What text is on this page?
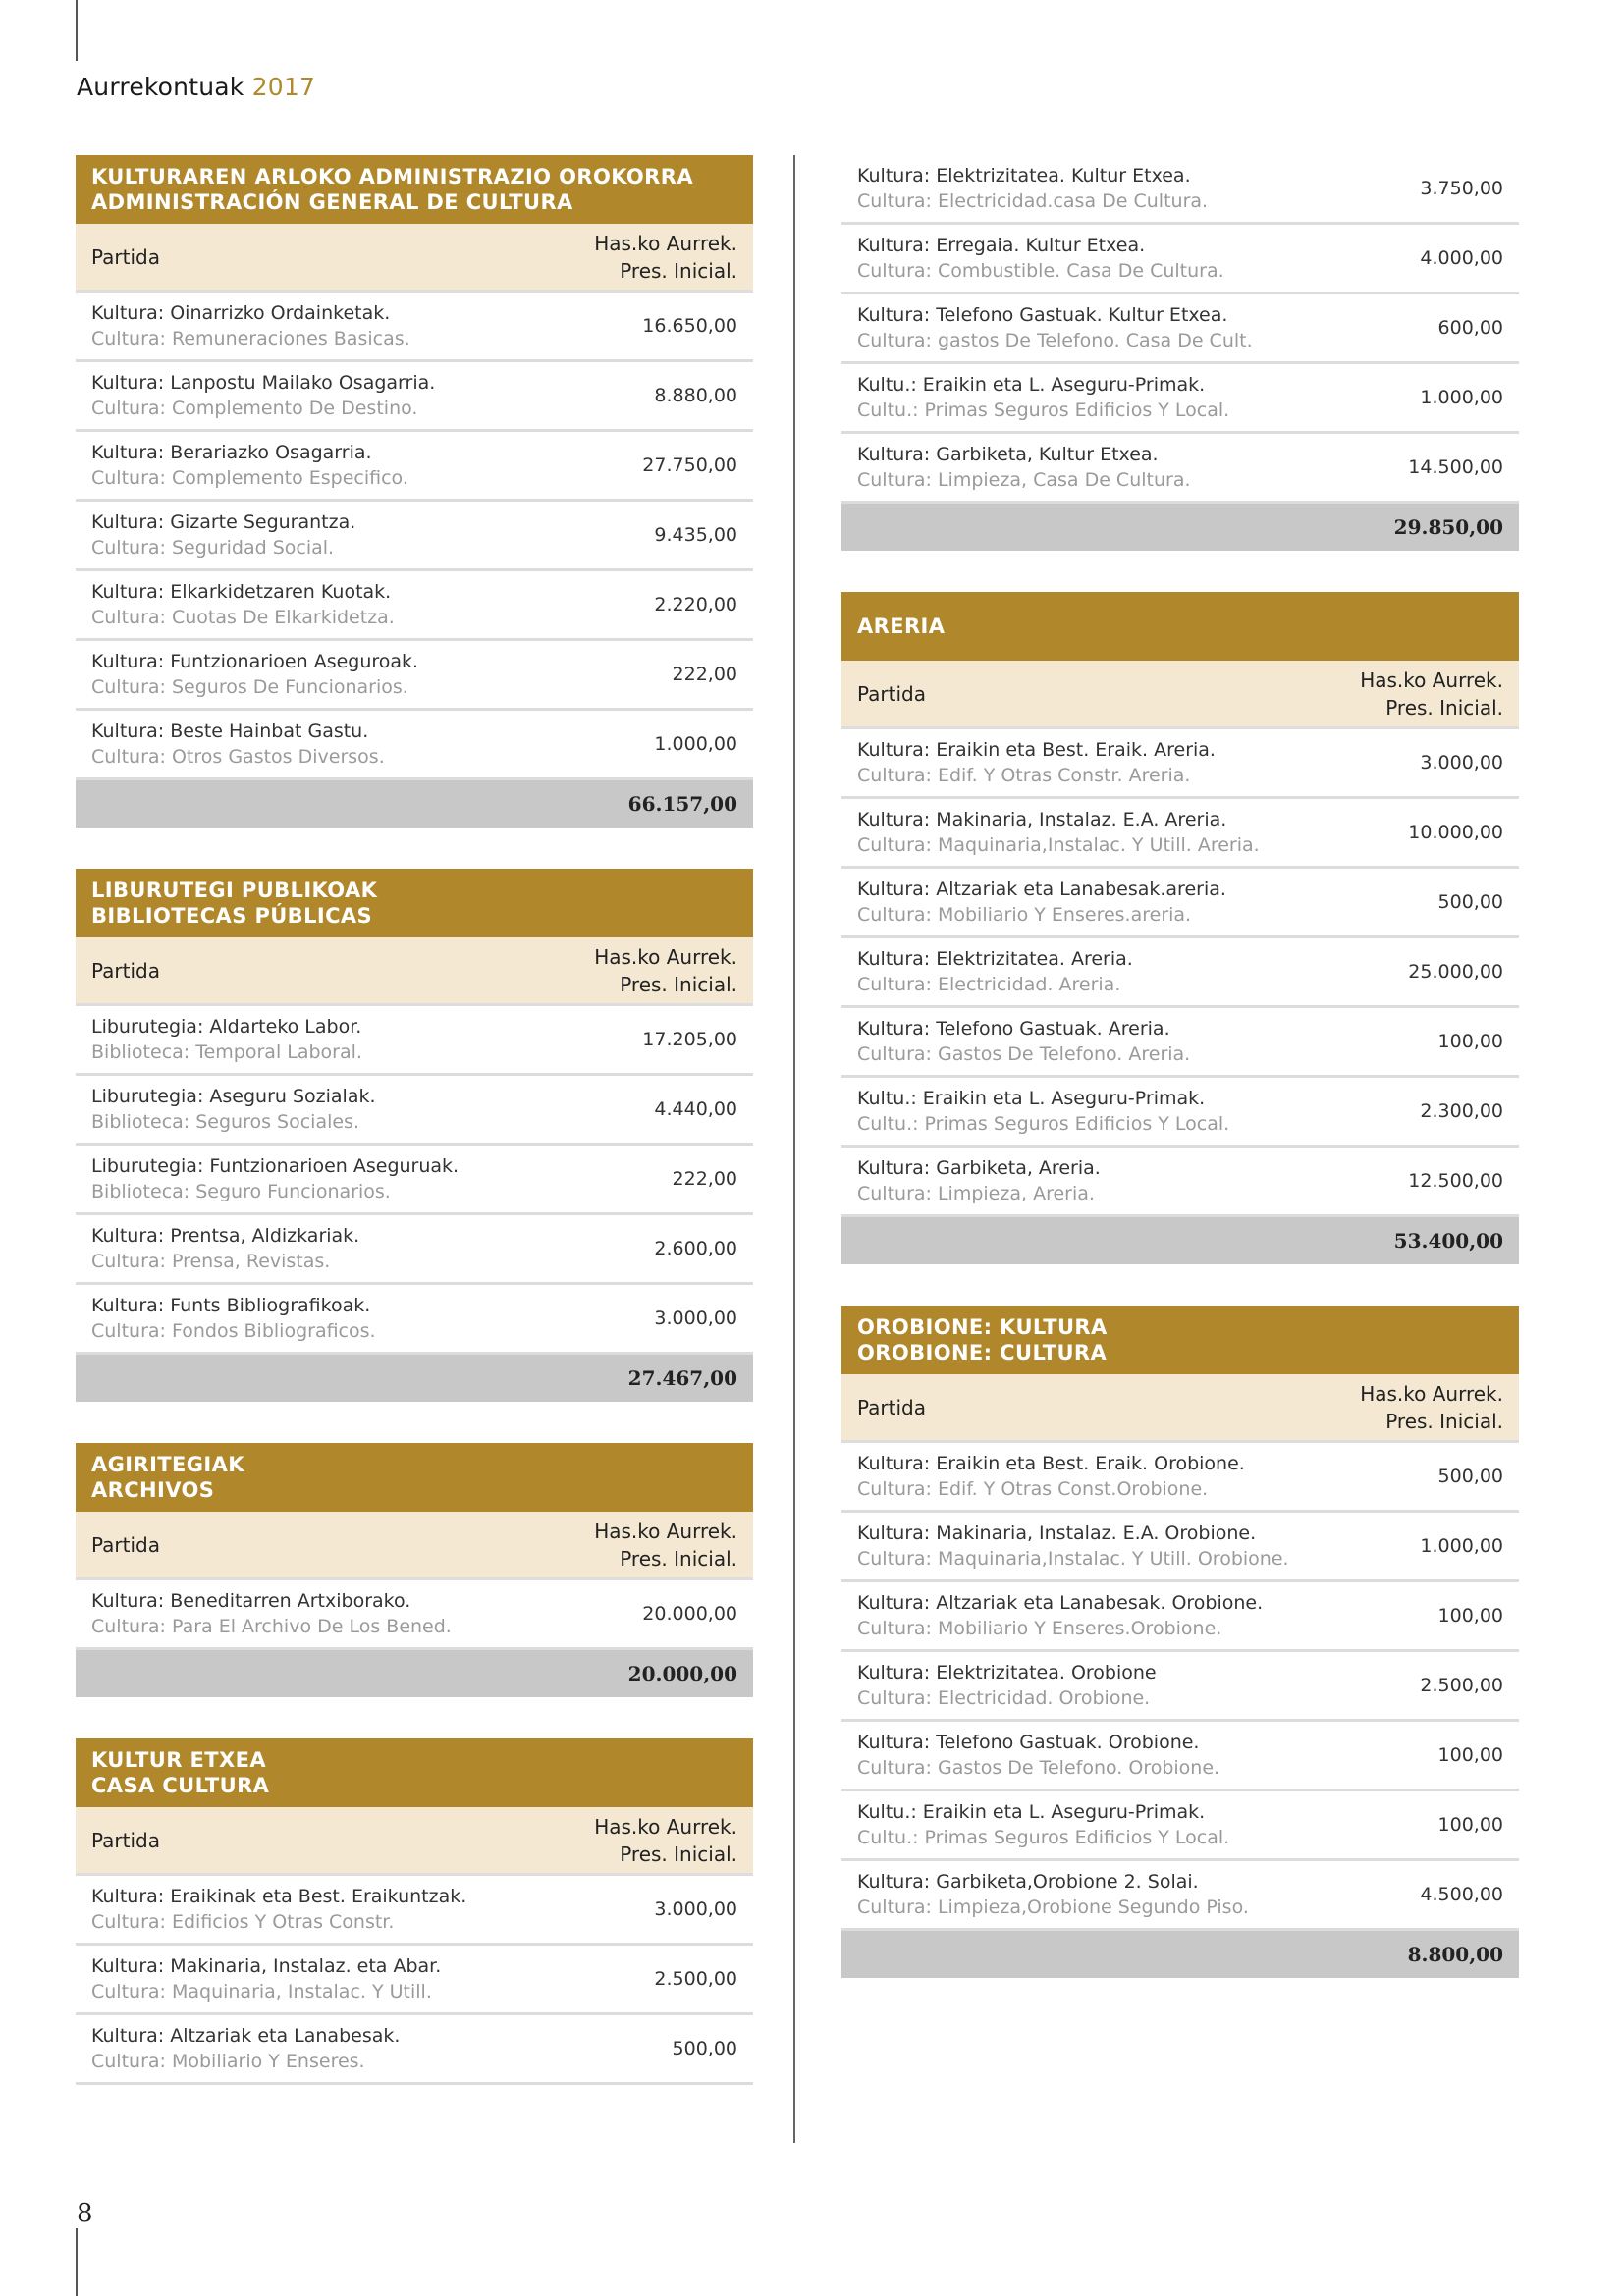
Aurrekontuak 2017
KULTURAREN ARLOKO ADMINISTRAZIO OROKORRA
ADMINISTRACIÓN GENERAL DE CULTURA
Partida
Has.ko Aurrek.
Pres. Inicial.
Kultura: Oinarrizko Ordainketak.
Cultura: Remuneraciones Basicas.
16.650,00
Kultura: Lanpostu Mailako Osagarria.
Cultura: Complemento De Destino.
8.880,00
Kultura: Berariazko Osagarria.
Cultura: Complemento Especifico.
27.750,00
Kultura: Gizarte Segurantza.
Cultura: Seguridad Social.
9.435,00
Kultura: Elkarkidetzaren Kuotak.
Cultura: Cuotas De Elkarkidetza.
2.220,00
Kultura: Funtzionarioen Aseguroak.
Cultura: Seguros De Funcionarios.
222,00
Kultura: Beste Hainbat Gastu.
Cultura: Otros Gastos Diversos.
1.000,00
66.157,00
LIBURUTEGI PUBLIKOAK
BIBLIOTECAS PÚBLICAS
Partida
Has.ko Aurrek.
Pres. Inicial.
Liburutegia: Aldarteko Labor.
Biblioteca: Temporal Laboral.
17.205,00
Liburutegia: Aseguru Sozialak.
Biblioteca: Seguros Sociales.
4.440,00
Liburutegia: Funtzionarioen Aseguruak.
Biblioteca: Seguro Funcionarios.
222,00
Kultura: Prentsa, Aldizkariak.
Cultura: Prensa, Revistas.
2.600,00
Kultura: Funts Bibliografikoak.
Cultura: Fondos Bibliograficos.
3.000,00
27.467,00
AGIRITEGIAK
ARCHIVOS
Partida
Has.ko Aurrek.
Pres. Inicial.
Kultura: Beneditarren Artxiborako.
Cultura: Para El Archivo De Los Bened.
20.000,00
20.000,00
KULTUR ETXEA
CASA CULTURA
Partida
Has.ko Aurrek.
Pres. Inicial.
Kultura: Eraikinak eta Best. Eraikuntzak.
Cultura: Edificios Y Otras Constr.
3.000,00
Kultura: Makinaria, Instalaz. eta Abar.
Cultura: Maquinaria, Instalac. Y Utill.
2.500,00
Kultura: Altzariak eta Lanabesak.
Cultura: Mobiliario Y Enseres.
500,00
Kultura: Elektrizitatea. Kultur Etxea.
Cultura: Electricidad.casa De Cultura.
3.750,00
Kultura: Erregaia. Kultur Etxea.
Cultura: Combustible. Casa De Cultura.
4.000,00
Kultura: Telefono Gastuak. Kultur Etxea.
Cultura: gastos De Telefono. Casa De Cult.
600,00
Kultu.: Eraikin eta L. Aseguru-Primak.
Cultu.: Primas Seguros Edificios Y Local.
1.000,00
Kultura: Garbiketa, Kultur Etxea.
Cultura: Limpieza, Casa De Cultura.
14.500,00
29.850,00
ARERIA
Partida
Has.ko Aurrek.
Pres. Inicial.
Kultura: Eraikin eta Best. Eraik. Areria.
Cultura: Edif. Y Otras Constr. Areria.
3.000,00
Kultura: Makinaria, Instalaz. E.A. Areria.
Cultura: Maquinaria,Instalac. Y Utill. Areria.
10.000,00
Kultura: Altzariak eta Lanabesak.areria.
Cultura: Mobiliario Y Enseres.areria.
500,00
Kultura: Elektrizitatea. Areria.
Cultura: Electricidad. Areria.
25.000,00
Kultura: Telefono Gastuak. Areria.
Cultura: Gastos De Telefono. Areria.
100,00
Kultu.: Eraikin eta L. Aseguru-Primak.
Cultu.: Primas Seguros Edificios Y Local.
2.300,00
Kultura: Garbiketa, Areria.
Cultura: Limpieza, Areria.
12.500,00
53.400,00
OROBIONE: KULTURA
OROBIONE: CULTURA
Partida
Has.ko Aurrek.
Pres. Inicial.
Kultura: Eraikin eta Best. Eraik. Orobione.
Cultura: Edif. Y Otras Const.Orobione.
500,00
Kultura: Makinaria, Instalaz. E.A. Orobione.
Cultura: Maquinaria,Instalac. Y Utill. Orobione.
1.000,00
Kultura: Altzariak eta Lanabesak. Orobione.
Cultura: Mobiliario Y Enseres.Orobione.
100,00
Kultura: Elektrizitatea. Orobione
Cultura: Electricidad. Orobione.
2.500,00
Kultura: Telefono Gastuak. Orobione.
Cultura: Gastos De Telefono. Orobione.
100,00
Kultu.: Eraikin eta L. Aseguru-Primak.
Cultu.: Primas Seguros Edificios Y Local.
100,00
Kultura: Garbiketa,Orobione 2. Solai.
Cultura: Limpieza,Orobione Segundo Piso.
4.500,00
8.800,00
8
